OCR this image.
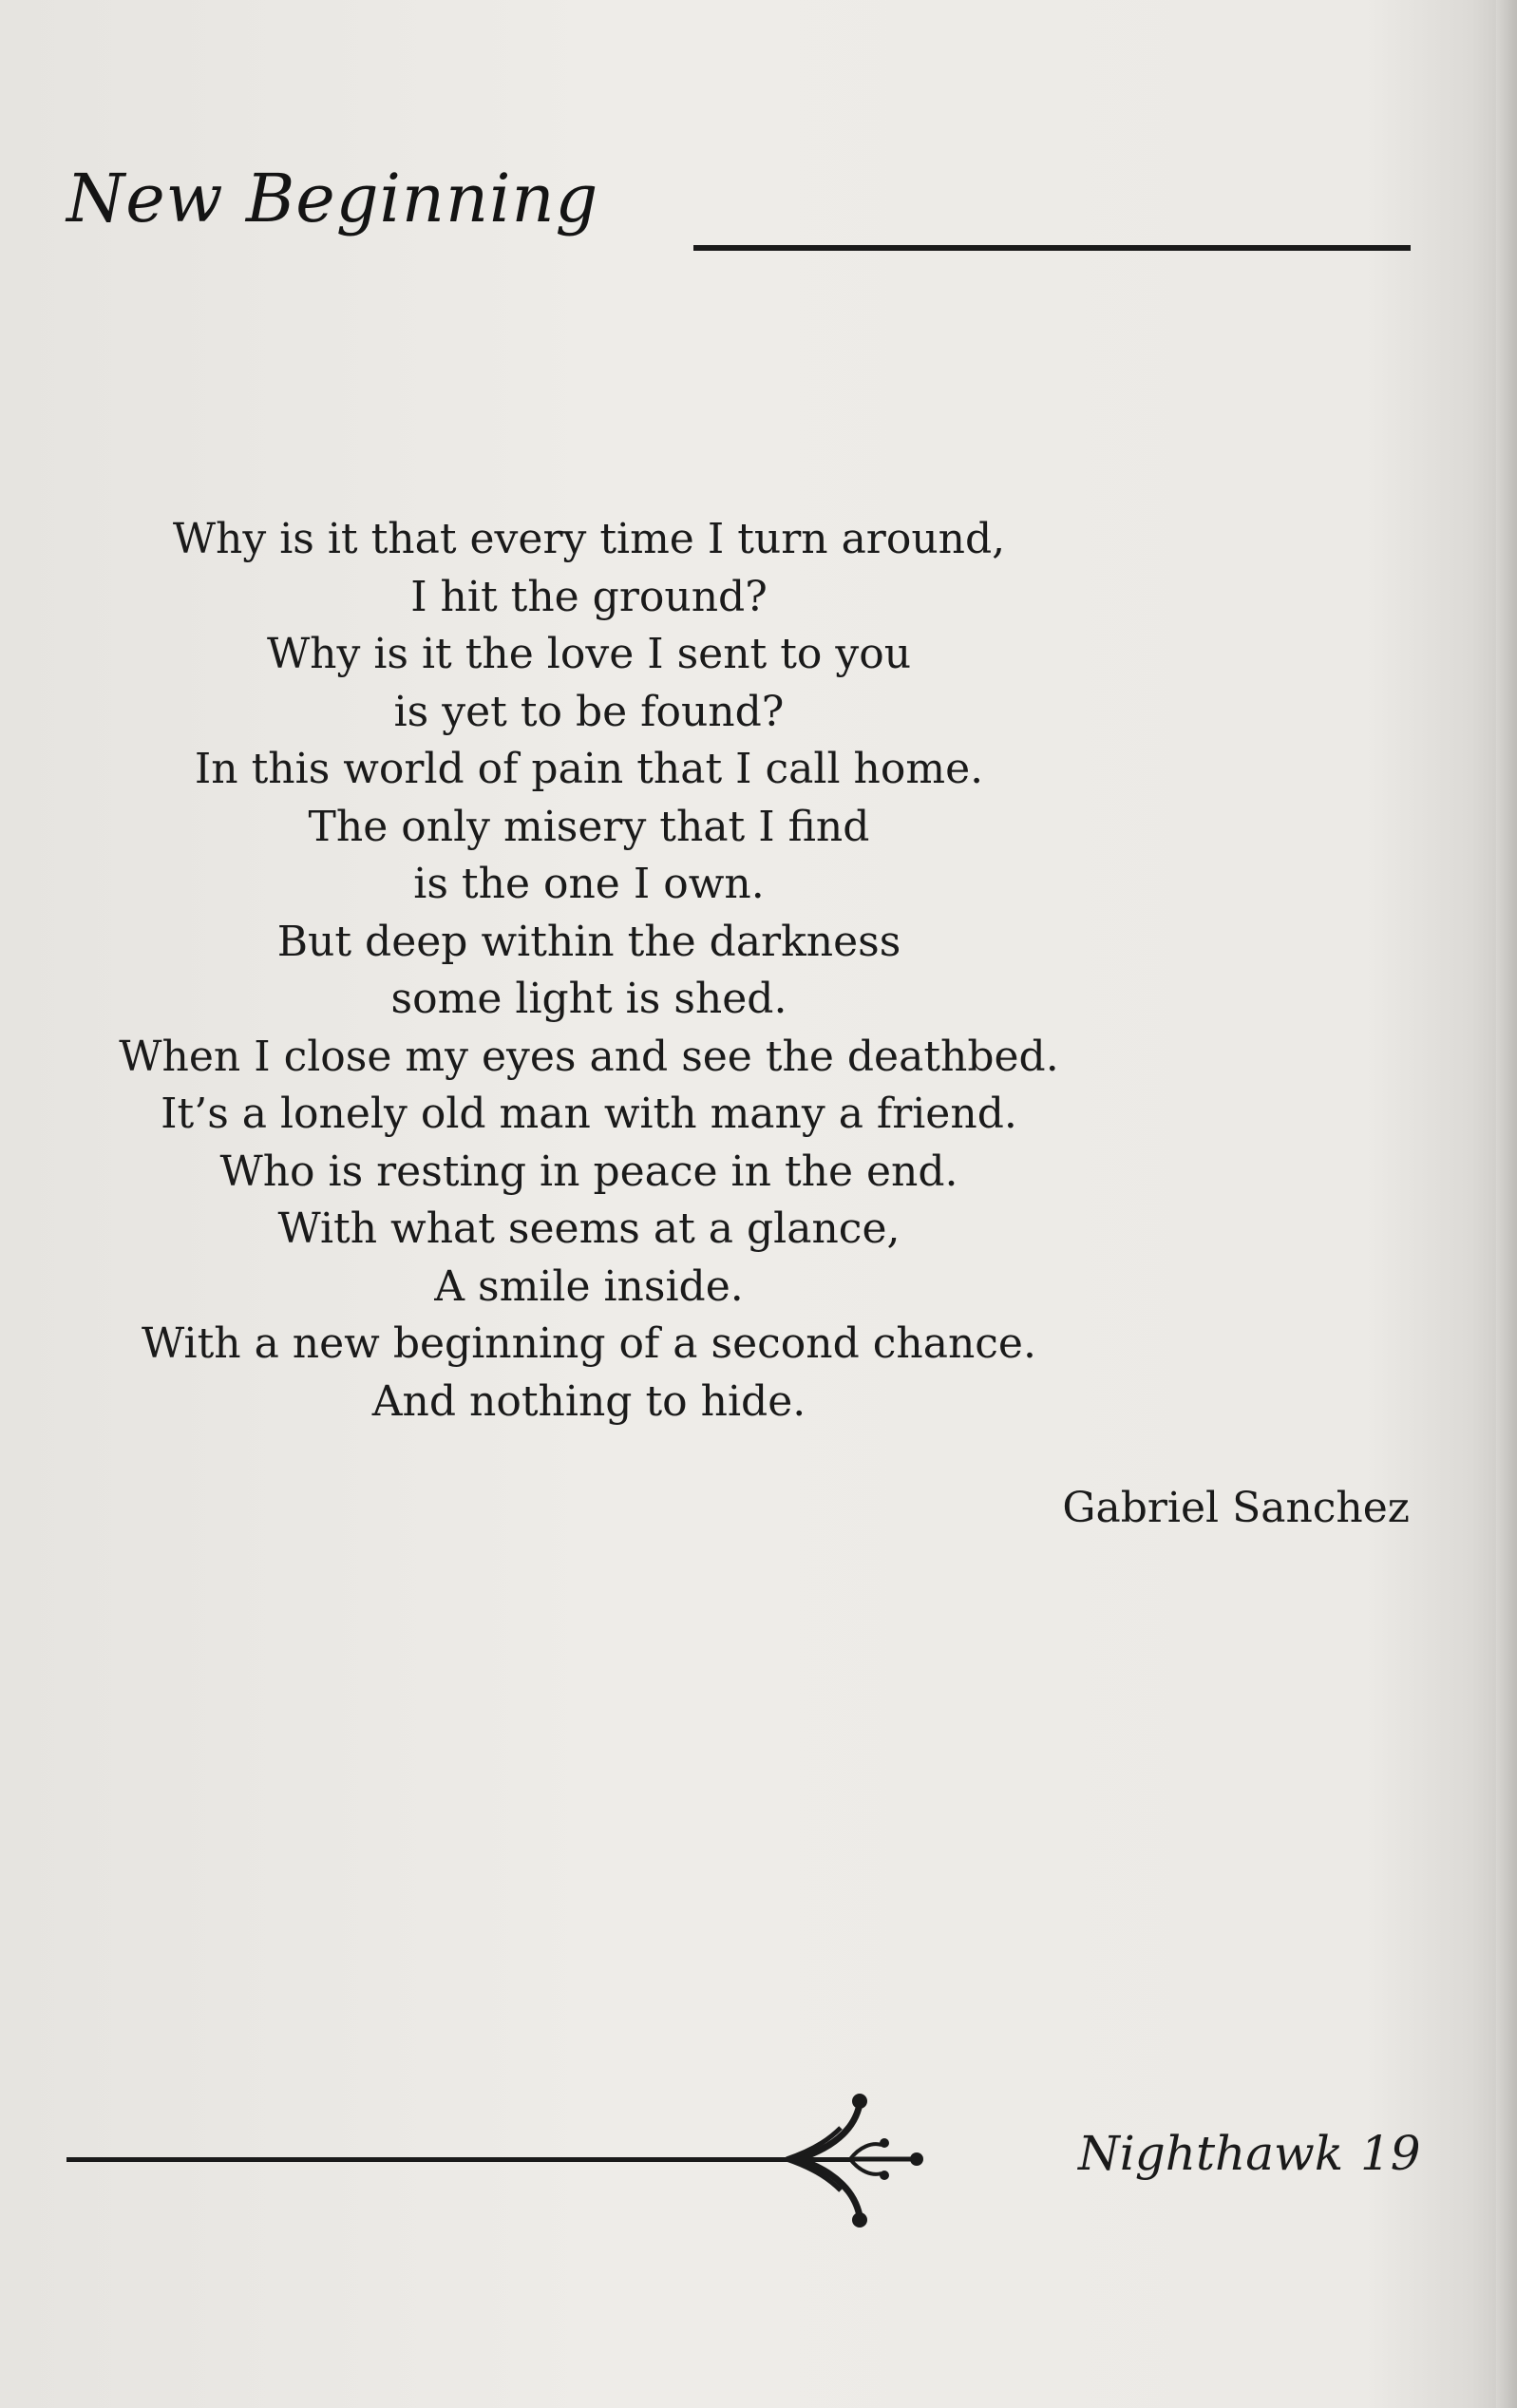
New Beginning
Why is it that every time I turn around,
I hit the ground?
Why is it the love I sent to you
is yet to be found?
In this world of pain that I call home.
The only misery that I find
is the one I own.
But deep within the darkness
some light is shed.
When I close my eyes and see the deathbed.
It’s a lonely old man with many a friend.
Who is resting in peace in the end.
With what seems at a glance,
A smile inside.
With a new beginning of a second chance.
And nothing to hide.
Gabriel Sanchez
Nighthawk 19
